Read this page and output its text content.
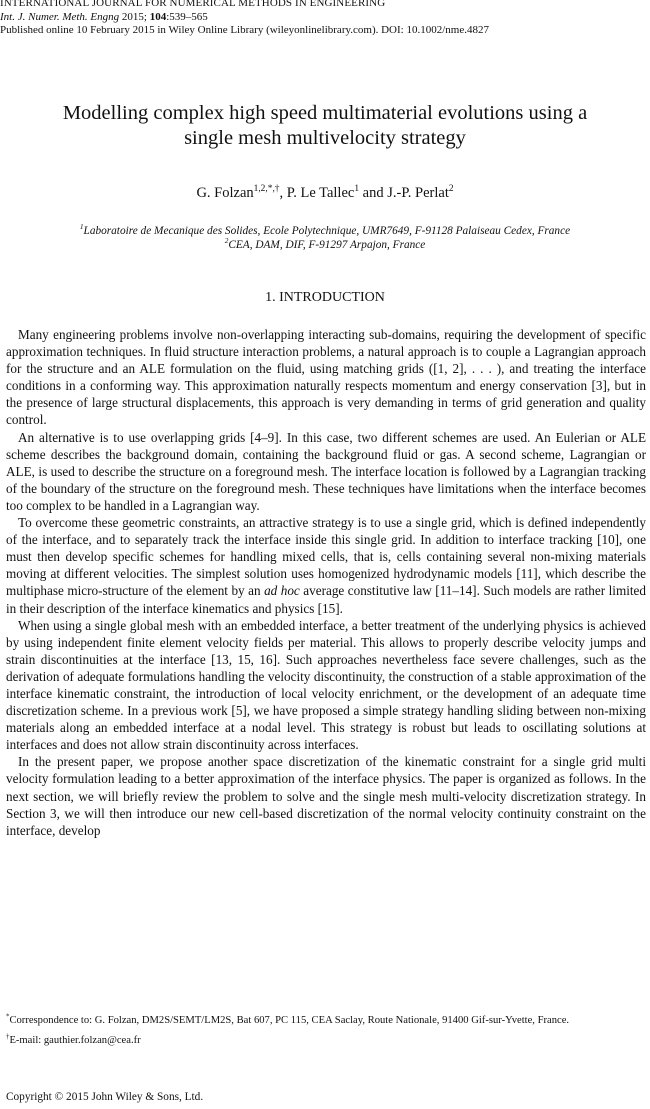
INTERNATIONAL JOURNAL FOR NUMERICAL METHODS IN ENGINEERING
Int. J. Numer. Meth. Engng 2015; 104:539–565
Published online 10 February 2015 in Wiley Online Library (wileyonlinelibrary.com). DOI: 10.1002/nme.4827
Modelling complex high speed multimaterial evolutions using a
single mesh multivelocity strategy
G. Folzan$^{1,2,*,\dagger}$, P. Le Tallec$^1$ and J.-P. Perlat$^2$
$^1$Laboratoire de Mecanique des Solides, Ecole Polytechnique, UMR7649, F-91128 Palaiseau Cedex, France
$^2$CEA, DAM, DIF, F-91297 Arpajon, France
1. INTRODUCTION

Many engineering problems involve non-overlapping interacting sub-domains, requiring the development of specific approximation techniques. In fluid structure interaction problems, a natural approach is to couple a Lagrangian approach for the structure and an ALE formulation on the fluid, using matching grids ([1, 2], . . . ), and treating the interface conditions in a conforming way. This approximation naturally respects momentum and energy conservation [3], but in the presence of large structural displacements, this approach is very demanding in terms of grid generation and quality control.

An alternative is to use overlapping grids [4–9]. In this case, two different schemes are used. An Eulerian or ALE scheme describes the background domain, containing the background fluid or gas. A second scheme, Lagrangian or ALE, is used to describe the structure on a foreground mesh. The interface location is followed by a Lagrangian tracking of the boundary of the structure on the foreground mesh. These techniques have limitations when the interface becomes too complex to be handled in a Lagrangian way.

To overcome these geometric constraints, an attractive strategy is to use a single grid, which is defined independently of the interface, and to separately track the interface inside this single grid. In addition to interface tracking [10], one must then develop specific schemes for handling mixed cells, that is, cells containing several non-mixing materials moving at different velocities. The simplest solution uses homogenized hydrodynamic models [11], which describe the multiphase micro-structure of the element by an ad hoc average constitutive law [11–14]. Such models are rather limited in their description of the interface kinematics and physics [15].

When using a single global mesh with an embedded interface, a better treatment of the underlying physics is achieved by using independent finite element velocity fields per material. This allows to properly describe velocity jumps and strain discontinuities at the interface [13, 15, 16]. Such approaches nevertheless face severe challenges, such as the derivation of adequate formulations handling the velocity discontinuity, the construction of a stable approximation of the interface kinematic constraint, the introduction of local velocity enrichment, or the development of an adequate time discretization scheme. In a previous work [5], we have proposed a simple strategy handling sliding between non-mixing materials along an embedded interface at a nodal level. This strategy is robust but leads to oscillating solutions at interfaces and does not allow strain discontinuity across interfaces.

In the present paper, we propose another space discretization of the kinematic constraint for a single grid multi velocity formulation leading to a better approximation of the interface physics. The paper is organized as follows. In the next section, we will briefly review the problem to solve and the single mesh multi-velocity discretization strategy. In Section 3, we will then introduce our new cell-based discretization of the normal velocity continuity constraint on the interface, develop

*Correspondence to: G. Folzan, DM2S/SEMT/LM2S, Bat 607, PC 115, CEA Saclay, Route Nationale, 91400 Gif-sur-Yvette, France.

†E-mail: gauthier.folzan@cea.fr

Copyright © 2015 John Wiley & Sons, Ltd.
